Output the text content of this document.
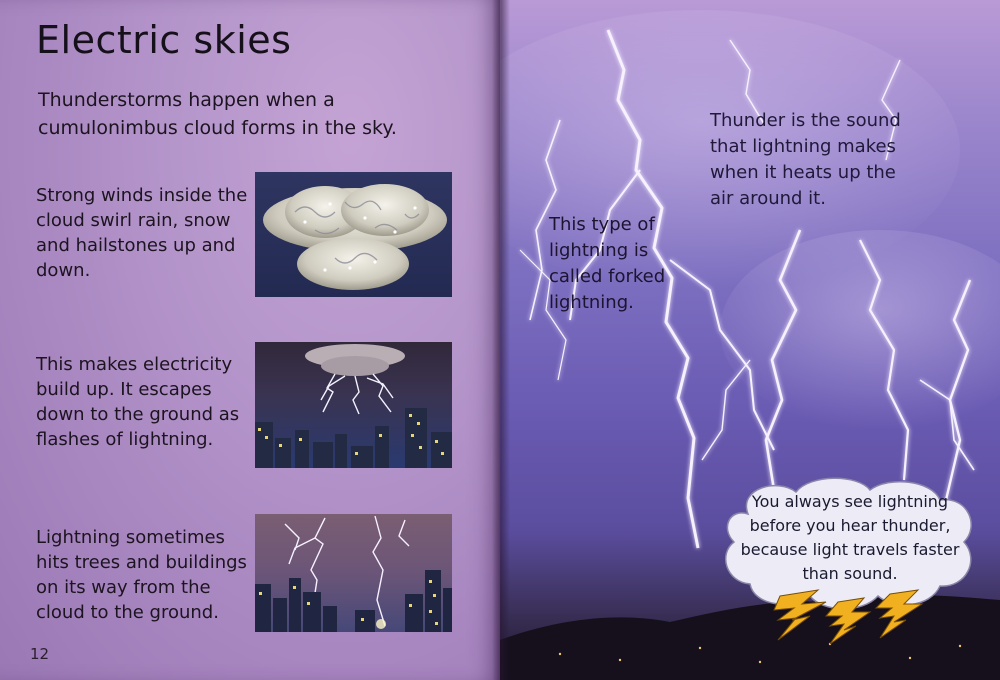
Electric skies
Thunderstorms happen when a cumulonimbus cloud forms in the sky.
Strong winds inside the cloud swirl rain, snow and hailstones up and down.
This makes electricity build up. It escapes down to the ground as flashes of lightning.
Lightning sometimes hits trees and buildings on its way from the cloud to the ground.
12
This type of lightning is called forked lightning.
Thunder is the sound that lightning makes when it heats up the air around it.
You always see lightning before you hear thunder, because light travels faster than sound.
